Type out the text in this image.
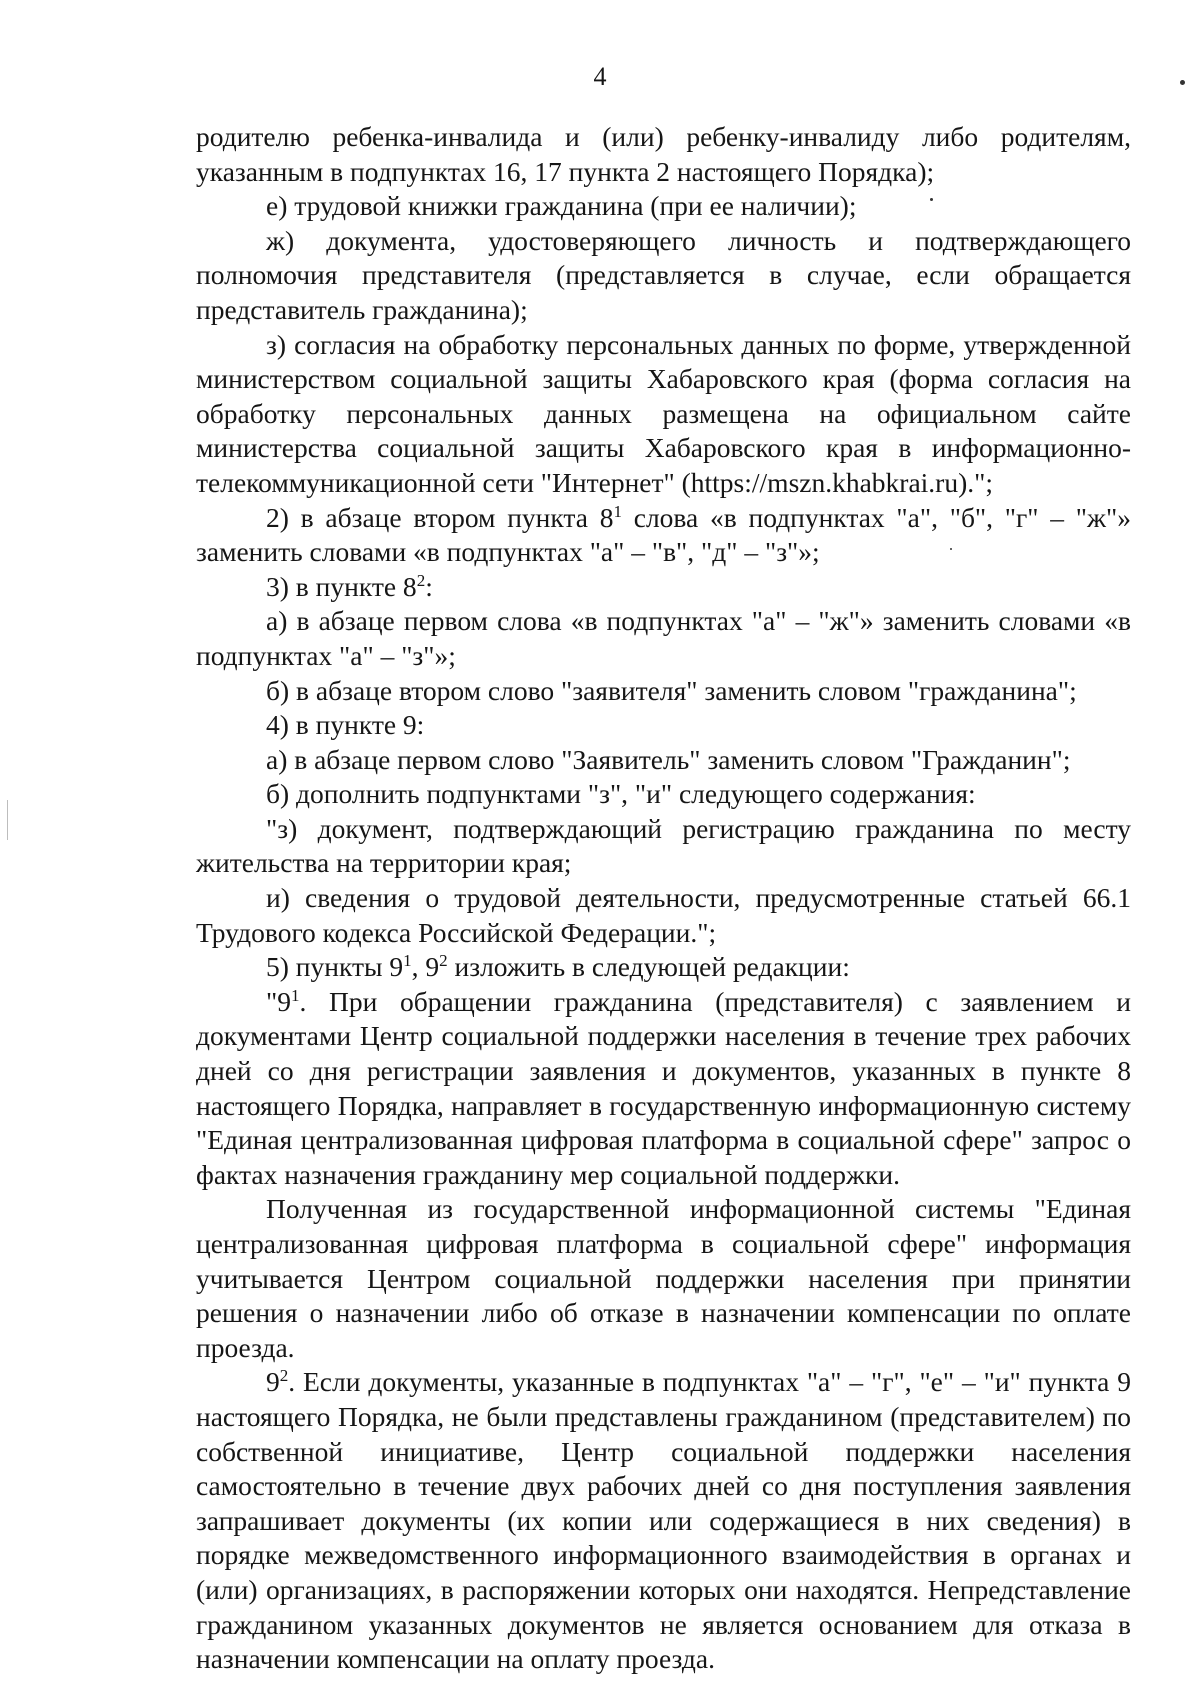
4

родителю ребенка-инвалида и (или) ребенку-инвалиду либо родителям, указанным в подпунктах 16, 17 пункта 2 настоящего Порядка);

е) трудовой книжки гражданина (при ее наличии);

ж) документа, удостоверяющего личность и подтверждающего полномочия представителя (представляется в случае, если обращается представитель гражданина);

з) согласия на обработку персональных данных по форме, утвержденной министерством социальной защиты Хабаровского края (форма согласия на обработку персональных данных размещена на официальном сайте министерства социальной защиты Хабаровского края в информационно-телекоммуникационной сети "Интернет" (https://mszn.khabkrai.ru).";

2) в абзаце втором пункта $8^1$ слова «в подпунктах "а", "б", "г" – "ж"» заменить словами «в подпунктах "а" – "в", "д" – "з"»;

3) в пункте $8^2$:

а) в абзаце первом слова «в подпунктах "а" – "ж"» заменить словами «в подпунктах "а" – "з"»;

б) в абзаце втором слово "заявителя" заменить словом "гражданина";

4) в пункте 9:

а) в абзаце первом слово "Заявитель" заменить словом "Гражданин";

б) дополнить подпунктами "з", "и" следующего содержания:

"з) документ, подтверждающий регистрацию гражданина по месту жительства на территории края;

и) сведения о трудовой деятельности, предусмотренные статьей 66.1 Трудового кодекса Российской Федерации.";

5) пункты $9^1$, $9^2$ изложить в следующей редакции:

"$9^1$. При обращении гражданина (представителя) с заявлением и документами Центр социальной поддержки населения в течение трех рабочих дней со дня регистрации заявления и документов, указанных в пункте 8 настоящего Порядка, направляет в государственную информационную систему "Единая централизованная цифровая платформа в социальной сфере" запрос о фактах назначения гражданину мер социальной поддержки.

Полученная из государственной информационной системы "Единая централизованная цифровая платформа в социальной сфере" информация учитывается Центром социальной поддержки населения при принятии решения о назначении либо об отказе в назначении компенсации по оплате проезда.

$9^2$. Если документы, указанные в подпунктах "а" – "г", "е" – "и" пункта 9 настоящего Порядка, не были представлены гражданином (представителем) по собственной инициативе, Центр социальной поддержки населения самостоятельно в течение двух рабочих дней со дня поступления заявления запрашивает документы (их копии или содержащиеся в них сведения) в порядке межведомственного информационного взаимодействия в органах и (или) организациях, в распоряжении которых они находятся. Непредставление гражданином указанных документов не является основанием для отказа в назначении компенсации на оплату проезда.
